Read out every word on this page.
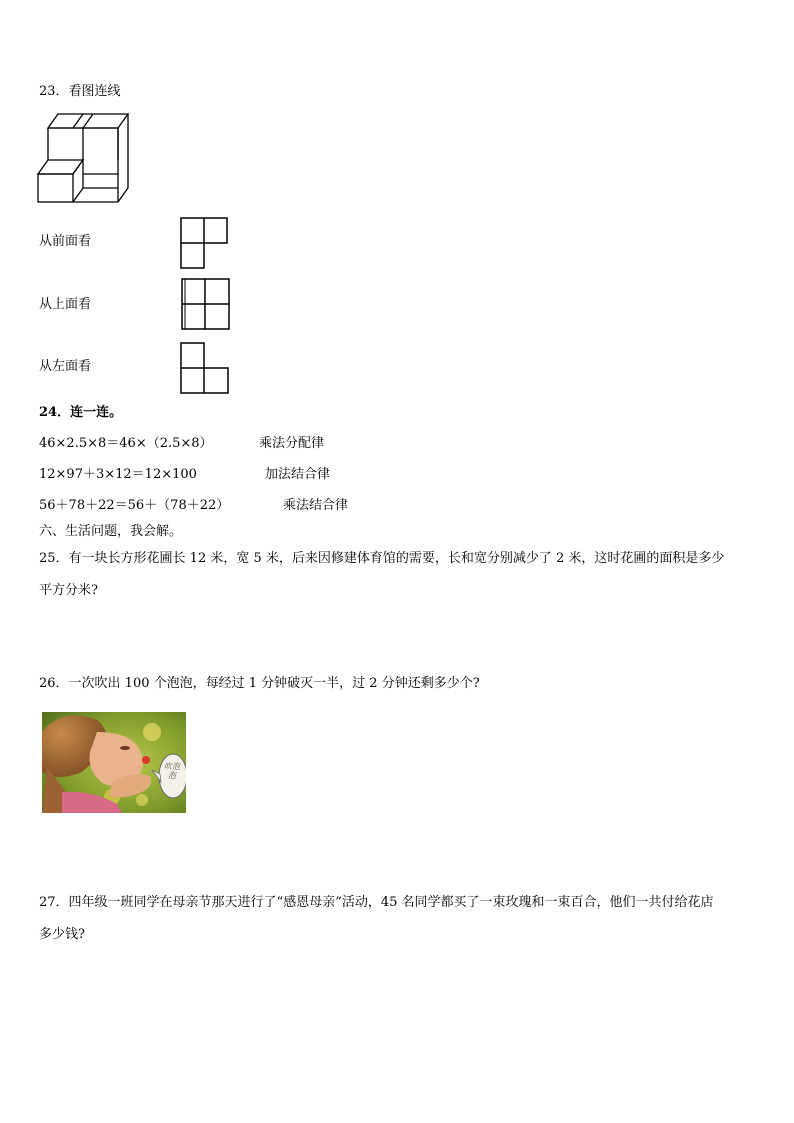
23．看图连线
从前面看
从上面看
从左面看
24．连一连。
46×2.5×8＝46×（2.5×8）	乘法分配律
12×97＋3×12＝12×100	加法结合律
56＋78＋22＝56＋（78＋22）	乘法结合律
六、生活问题，我会解。
25．有一块长方形花圃长 12 米，宽 5 米，后来因修建体育馆的需要，长和宽分别减少了 2 米，这时花圃的面积是多少
平方分米?
26．一次吹出 100 个泡泡，每经过 1 分钟破灭一半，过 2 分钟还剩多少个?
吹泡泡
27．四年级一班同学在母亲节那天进行了“感恩母亲”活动，45 名同学都买了一束玫瑰和一束百合，他们一共付给花店
多少钱?
